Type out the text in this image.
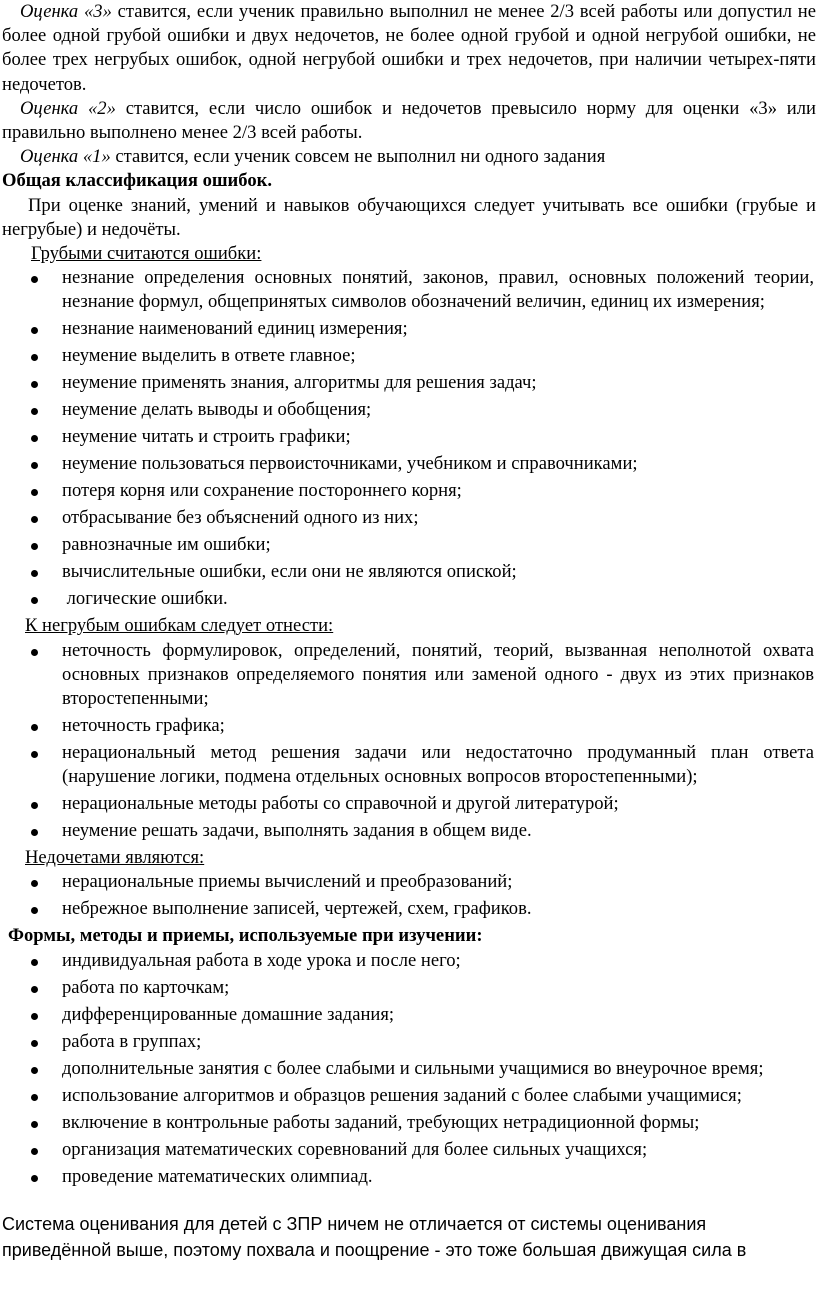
Оценка «3» ставится, если ученик правильно выполнил не менее 2/3 всей работы или допустил не более одной грубой ошибки и двух недочетов, не более одной грубой и одной негрубой ошибки, не более трех негрубых ошибок, одной негрубой ошибки и трех недочетов, при наличии четырех-пяти недочетов.

Оценка «2» ставится, если число ошибок и недочетов превысило норму для оценки «3» или правильно выполнено менее 2/3 всей работы.

Оценка «1» ставится, если ученик совсем не выполнил ни одного задания

Общая классификация ошибок.

При оценке знаний, умений и навыков обучающихся следует учитывать все ошибки (грубые и негрубые) и недочёты.

Грубыми считаются ошибки:

незнание определения основных понятий, законов, правил, основных положений теории, незнание формул, общепринятых символов обозначений величин, единиц их измерения;
незнание наименований единиц измерения;
неумение выделить в ответе главное;
неумение применять знания, алгоритмы для решения задач;
неумение делать выводы и обобщения;
неумение читать и строить графики;
неумение пользоваться первоисточниками, учебником и справочниками;
потеря корня или сохранение постороннего корня;
отбрасывание без объяснений одного из них;
равнозначные им ошибки;
вычислительные ошибки, если они не являются опиской;
логические ошибки.

К негрубым ошибкам следует отнести:

неточность формулировок, определений, понятий, теорий, вызванная неполнотой охвата основных признаков определяемого понятия или заменой одного - двух из этих признаков второстепенными;
неточность графика;
нерациональный метод решения задачи или недостаточно продуманный план ответа (нарушение логики, подмена отдельных основных вопросов второстепенными);
нерациональные методы работы со справочной и другой литературой;
неумение решать задачи, выполнять задания в общем виде.

Недочетами являются:

нерациональные приемы вычислений и преобразований;
небрежное выполнение записей, чертежей, схем, графиков.

Формы, методы и приемы, используемые при изучении:

индивидуальная работа в ходе урока и после него;
работа по карточкам;
дифференцированные домашние задания;
работа в группах;
дополнительные занятия с более слабыми и сильными учащимися во внеурочное время;
использование алгоритмов и образцов решения заданий с более слабыми учащимися;
включение в контрольные работы заданий, требующих нетрадиционной формы;
организация математических соревнований для более сильных учащихся;
проведение математических олимпиад.

Система оценивания для детей с ЗПР ничем не отличается от системы оценивания приведённой выше, поэтому похвала и поощрение - это тоже большая движущая сила в
